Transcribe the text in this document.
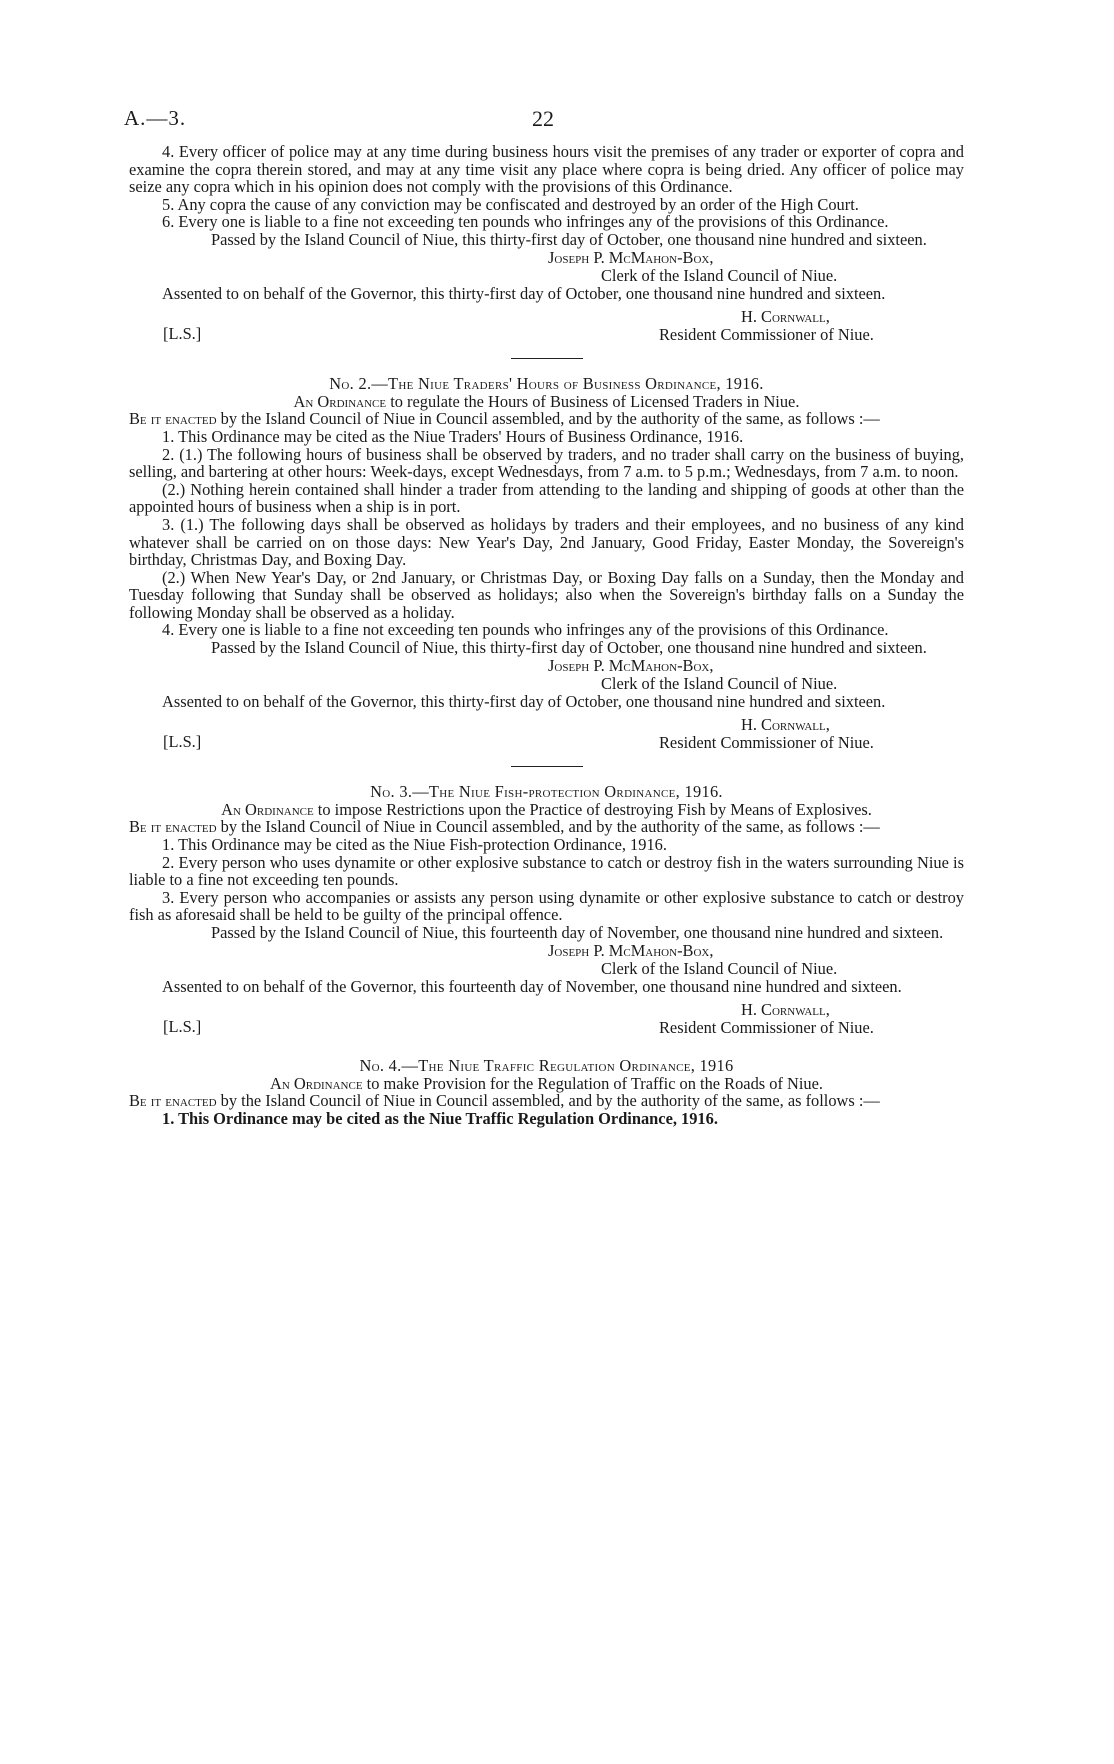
A.—3.	22

4. Every officer of police may at any time during business hours visit the premises of any trader or exporter of copra and examine the copra therein stored, and may at any time visit any place where copra is being dried. Any officer of police may seize any copra which in his opinion does not comply with the provisions of this Ordinance.

5. Any copra the cause of any conviction may be confiscated and destroyed by an order of the High Court.

6. Every one is liable to a fine not exceeding ten pounds who infringes any of the provisions of this Ordinance.

Passed by the Island Council of Niue, this thirty-first day of October, one thousand nine hundred and sixteen.

Joseph P. McMahon-Box,
Clerk of the Island Council of Niue.

Assented to on behalf of the Governor, this thirty-first day of October, one thousand nine hundred and sixteen.

[L.S.]
H. Cornwall,
Resident Commissioner of Niue.

No. 2.—The Niue Traders' Hours of Business Ordinance, 1916.

An Ordinance to regulate the Hours of Business of Licensed Traders in Niue.

Be it enacted by the Island Council of Niue in Council assembled, and by the authority of the same, as follows :—

1. This Ordinance may be cited as the Niue Traders' Hours of Business Ordinance, 1916.

2. (1.) The following hours of business shall be observed by traders, and no trader shall carry on the business of buying, selling, and bartering at other hours: Week-days, except Wednesdays, from 7 a.m. to 5 p.m.; Wednesdays, from 7 a.m. to noon.

(2.) Nothing herein contained shall hinder a trader from attending to the landing and shipping of goods at other than the appointed hours of business when a ship is in port.

3. (1.) The following days shall be observed as holidays by traders and their employees, and no business of any kind whatever shall be carried on on those days: New Year's Day, 2nd January, Good Friday, Easter Monday, the Sovereign's birthday, Christmas Day, and Boxing Day.

(2.) When New Year's Day, or 2nd January, or Christmas Day, or Boxing Day falls on a Sunday, then the Monday and Tuesday following that Sunday shall be observed as holidays; also when the Sovereign's birthday falls on a Sunday the following Monday shall be observed as a holiday.

4. Every one is liable to a fine not exceeding ten pounds who infringes any of the provisions of this Ordinance.

Passed by the Island Council of Niue, this thirty-first day of October, one thousand nine hundred and sixteen.

Joseph P. McMahon-Box,
Clerk of the Island Council of Niue.

Assented to on behalf of the Governor, this thirty-first day of October, one thousand nine hundred and sixteen.

[L.S.]
H. Cornwall,
Resident Commissioner of Niue.

No. 3.—The Niue Fish-protection Ordinance, 1916.

An Ordinance to impose Restrictions upon the Practice of destroying Fish by Means of Explosives.

Be it enacted by the Island Council of Niue in Council assembled, and by the authority of the same, as follows :—

1. This Ordinance may be cited as the Niue Fish-protection Ordinance, 1916.

2. Every person who uses dynamite or other explosive substance to catch or destroy fish in the waters surrounding Niue is liable to a fine not exceeding ten pounds.

3. Every person who accompanies or assists any person using dynamite or other explosive substance to catch or destroy fish as aforesaid shall be held to be guilty of the principal offence.

Passed by the Island Council of Niue, this fourteenth day of November, one thousand nine hundred and sixteen.

Joseph P. McMahon-Box,
Clerk of the Island Council of Niue.

Assented to on behalf of the Governor, this fourteenth day of November, one thousand nine hundred and sixteen.

[L.S.]
H. Cornwall,
Resident Commissioner of Niue.

No. 4.—The Niue Traffic Regulation Ordinance, 1916

An Ordinance to make Provision for the Regulation of Traffic on the Roads of Niue.

Be it enacted by the Island Council of Niue in Council assembled, and by the authority of the same, as follows :—

1. This Ordinance may be cited as the Niue Traffic Regulation Ordinance, 1916.
